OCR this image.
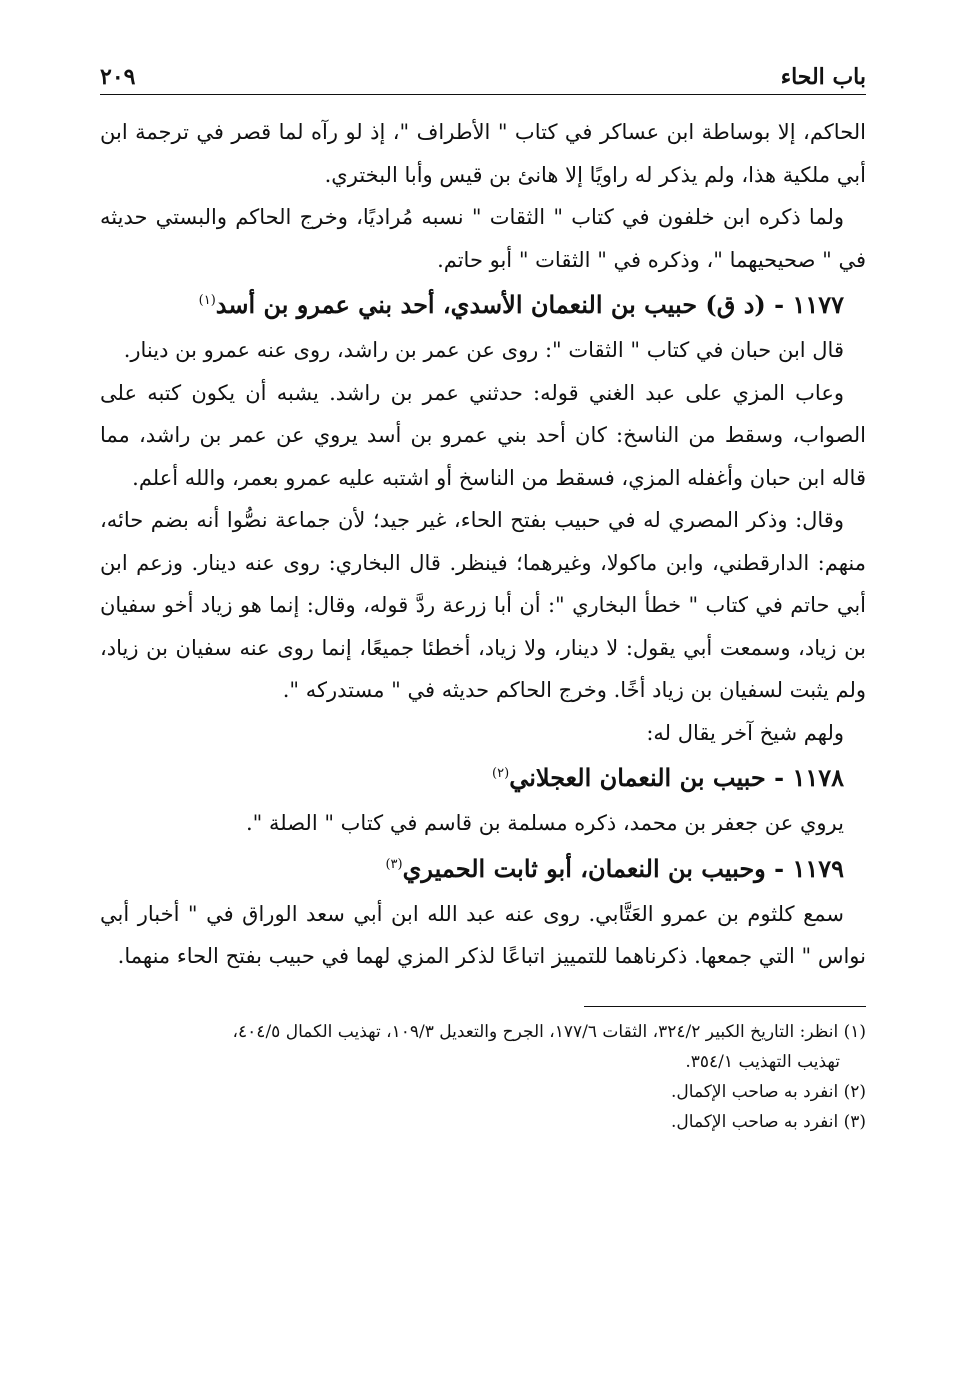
باب الحاء
٢٠٩

الحاكم، إلا بوساطة ابن عساكر في كتاب " الأطراف "، إذ لو رآه لما قصر في ترجمة ابن أبي ملكية هذا، ولم يذكر له راويًا إلا هانئ بن قيس وأبا البختري.

ولما ذكره ابن خلفون في كتاب " الثقات " نسبه مُراديًا، وخرج الحاكم والبستي حديثه في " صحيحيهما "، وذكره في " الثقات " أبو حاتم.

١١٧٧ - (د ق) حبيب بن النعمان الأسدي، أحد بني عمرو بن أسد$^{(١)}$

قال ابن حبان في كتاب " الثقات ": روى عن عمر بن راشد، روى عنه عمرو بن دينار.

وعاب المزي على عبد الغني قوله: حدثني عمر بن راشد. يشبه أن يكون كتبه على الصواب، وسقط من الناسخ: كان أحد بني عمرو بن أسد يروي عن عمر بن راشد، مما قاله ابن حبان وأغفله المزي، فسقط من الناسخ أو اشتبه عليه عمرو بعمر، والله أعلم.

وقال: وذكر المصري له في حبيب بفتح الحاء، غير جيد؛ لأن جماعة نصُّوا أنه بضم حائه، منهم: الدارقطني، وابن ماكولا، وغيرهما؛ فينظر. قال البخاري: روى عنه دينار. وزعم ابن أبي حاتم في كتاب " خطأ البخاري ": أن أبا زرعة ردَّ قوله، وقال: إنما هو زياد أخو سفيان بن زياد، وسمعت أبي يقول: لا دينار، ولا زياد، أخطئا جميعًا، إنما روى عنه سفيان بن زياد، ولم يثبت لسفيان بن زياد أخًا. وخرج الحاكم حديثه في " مستدركه ".

ولهم شيخ آخر يقال له:

١١٧٨ - حبيب بن النعمان العجلاني$^{(٢)}$

يروي عن جعفر بن محمد، ذكره مسلمة بن قاسم في كتاب " الصلة ".

١١٧٩ - وحبيب بن النعمان، أبو ثابت الحميري$^{(٣)}$

سمع كلثوم بن عمرو العَتَّابي. روى عنه عبد الله ابن أبي سعد الوراق في " أخبار أبي نواس " التي جمعها. ذكرناهما للتمييز اتباعًا لذكر المزي لهما في حبيب بفتح الحاء منهما.

(١) انظر: التاريخ الكبير ٣٢٤/٢، الثقات ١٧٧/٦، الجرح والتعديل ١٠٩/٣، تهذيب الكمال ٤٠٤/٥،

تهذيب التهذيب ٣٥٤/١.

(٢) انفرد به صاحب الإكمال.

(٣) انفرد به صاحب الإكمال.
